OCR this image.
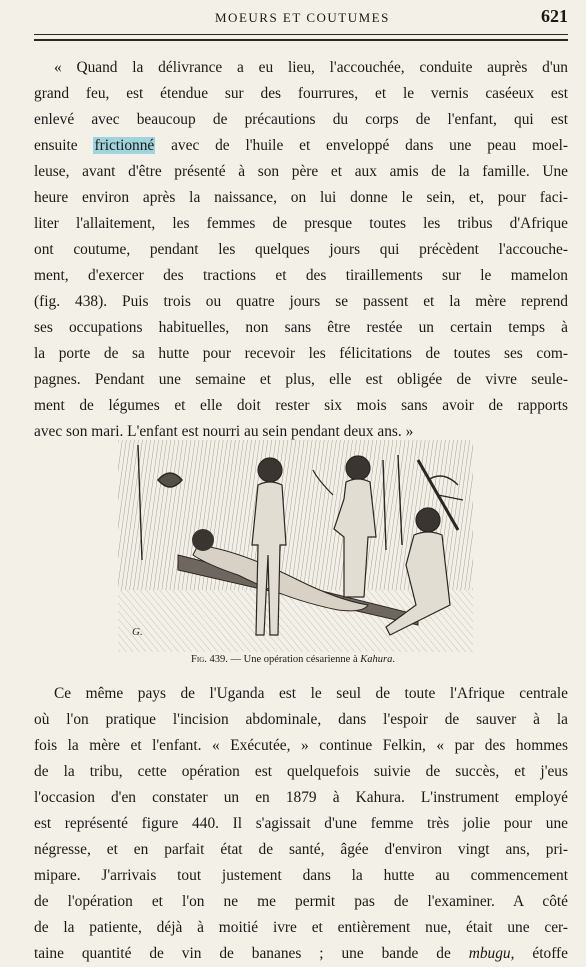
MOEURS ET COUTUMES	621
« Quand la délivrance a eu lieu, l'accouchée, conduite auprès d'un
grand feu, est étendue sur des fourrures, et le vernis caséeux est
enlevé avec beaucoup de précautions du corps de l'enfant, qui est
ensuite frictionné avec de l'huile et enveloppé dans une peau moel-
leuse, avant d'être présenté à son père et aux amis de la famille. Une
heure environ après la naissance, on lui donne le sein, et, pour faci-
liter l'allaitement, les femmes de presque toutes les tribus d'Afrique
ont coutume, pendant les quelques jours qui précèdent l'accouche-
ment, d'exercer des tractions et des tiraillements sur le mamelon
(fig. 438). Puis trois ou quatre jours se passent et la mère reprend
ses occupations habituelles, non sans être restée un certain temps à
la porte de sa hutte pour recevoir les félicitations de toutes ses com-
pagnes. Pendant une semaine et plus, elle est obligée de vivre seule-
ment de légumes et elle doit rester six mois sans avoir de rapports
avec son mari. L'enfant est nourri au sein pendant deux ans. »
G.
Fig. 439. — Une opération césarienne à Kahura.
Ce même pays de l'Uganda est le seul de toute l'Afrique centrale
où l'on pratique l'incision abdominale, dans l'espoir de sauver à la
fois la mère et l'enfant. « Exécutée, » continue Felkin, « par des hommes
de la tribu, cette opération est quelquefois suivie de succès, et j'eus
l'occasion d'en constater un en 1879 à Kahura. L'instrument employé
est représenté figure 440. Il s'agissait d'une femme très jolie pour une
négresse, et en parfait état de santé, âgée d'environ vingt ans, pri-
mipare. J'arrivais tout justement dans la hutte au commencement
de l'opération et l'on ne me permit pas de l'examiner. A côté
de la patiente, déjà à moitié ivre et entièrement nue, était une cer-
taine quantité de vin de bananes ; une bande de mbugu, étoffe
